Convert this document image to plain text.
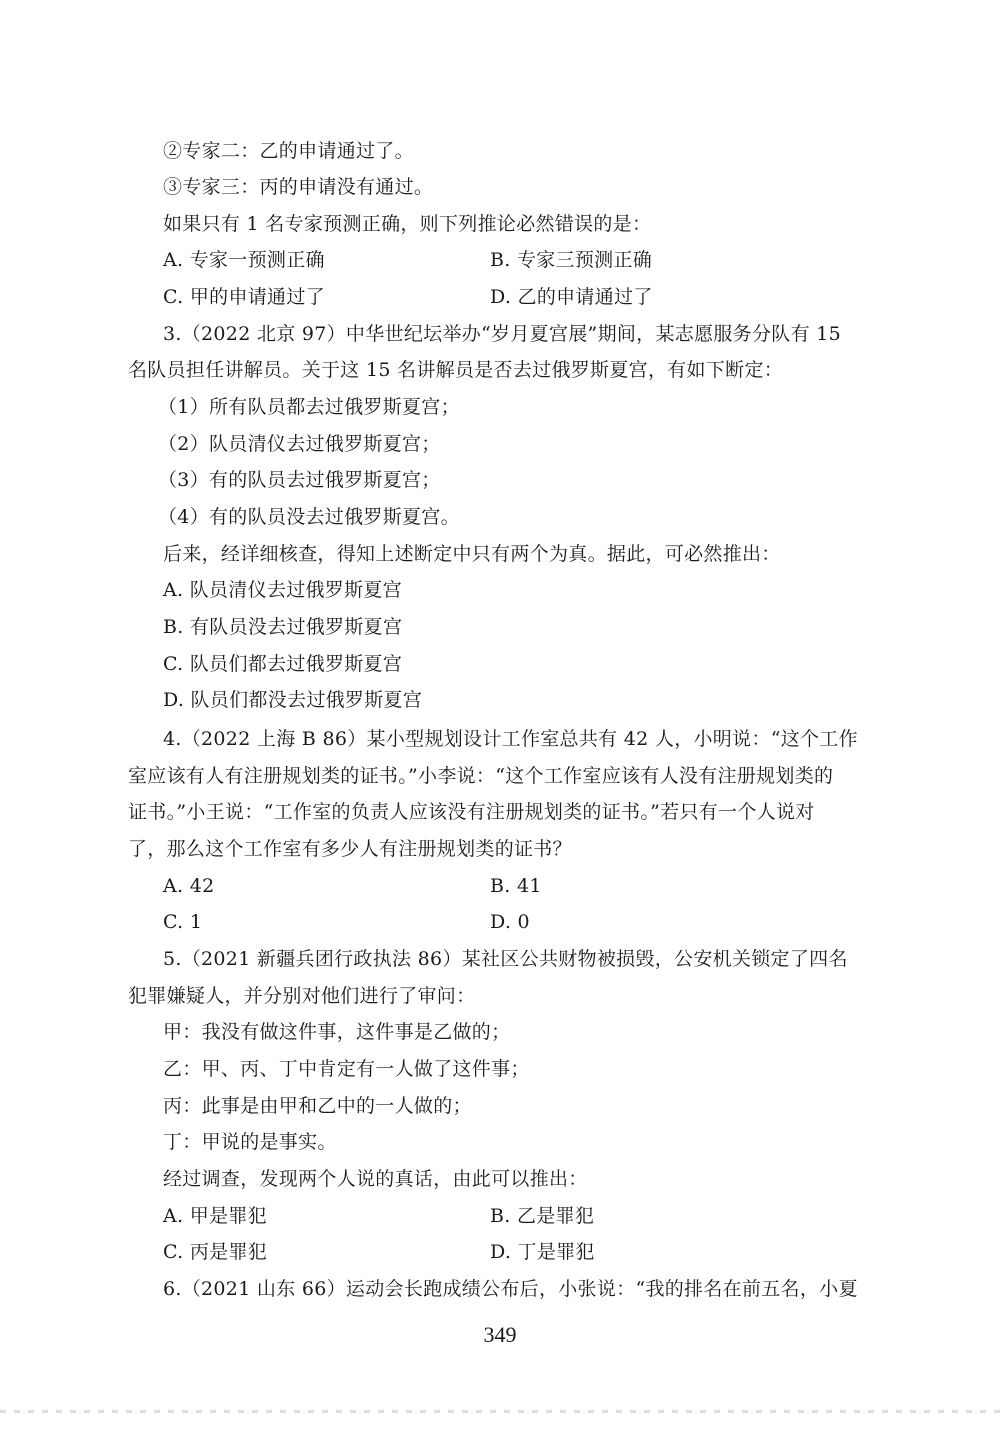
②专家二：乙的申请通过了。
③专家三：丙的申请没有通过。
如果只有 1 名专家预测正确，则下列推论必然错误的是：
A. 专家一预测正确	B. 专家三预测正确
C. 甲的申请通过了	D. 乙的申请通过了
3.（2022 北京 97）中华世纪坛举办“岁月夏宫展”期间，某志愿服务分队有 15
名队员担任讲解员。关于这 15 名讲解员是否去过俄罗斯夏宫，有如下断定：
（1）所有队员都去过俄罗斯夏宫；
（2）队员清仪去过俄罗斯夏宫；
（3）有的队员去过俄罗斯夏宫；
（4）有的队员没去过俄罗斯夏宫。
后来，经详细核查，得知上述断定中只有两个为真。据此，可必然推出：
A. 队员清仪去过俄罗斯夏宫
B. 有队员没去过俄罗斯夏宫
C. 队员们都去过俄罗斯夏宫
D. 队员们都没去过俄罗斯夏宫
4.（2022 上海 B 86）某小型规划设计工作室总共有 42 人，小明说：“这个工作
室应该有人有注册规划类的证书。”小李说：“这个工作室应该有人没有注册规划类的
证书。”小王说：“工作室的负责人应该没有注册规划类的证书。”若只有一个人说对
了，那么这个工作室有多少人有注册规划类的证书？
A. 42	B. 41
C. 1	D. 0
5.（2021 新疆兵团行政执法 86）某社区公共财物被损毁，公安机关锁定了四名
犯罪嫌疑人，并分别对他们进行了审问：
甲：我没有做这件事，这件事是乙做的；
乙：甲、丙、丁中肯定有一人做了这件事；
丙：此事是由甲和乙中的一人做的；
丁：甲说的是事实。
经过调查，发现两个人说的真话，由此可以推出：
A. 甲是罪犯	B. 乙是罪犯
C. 丙是罪犯	D. 丁是罪犯
6.（2021 山东 66）运动会长跑成绩公布后，小张说：“我的排名在前五名，小夏
349
